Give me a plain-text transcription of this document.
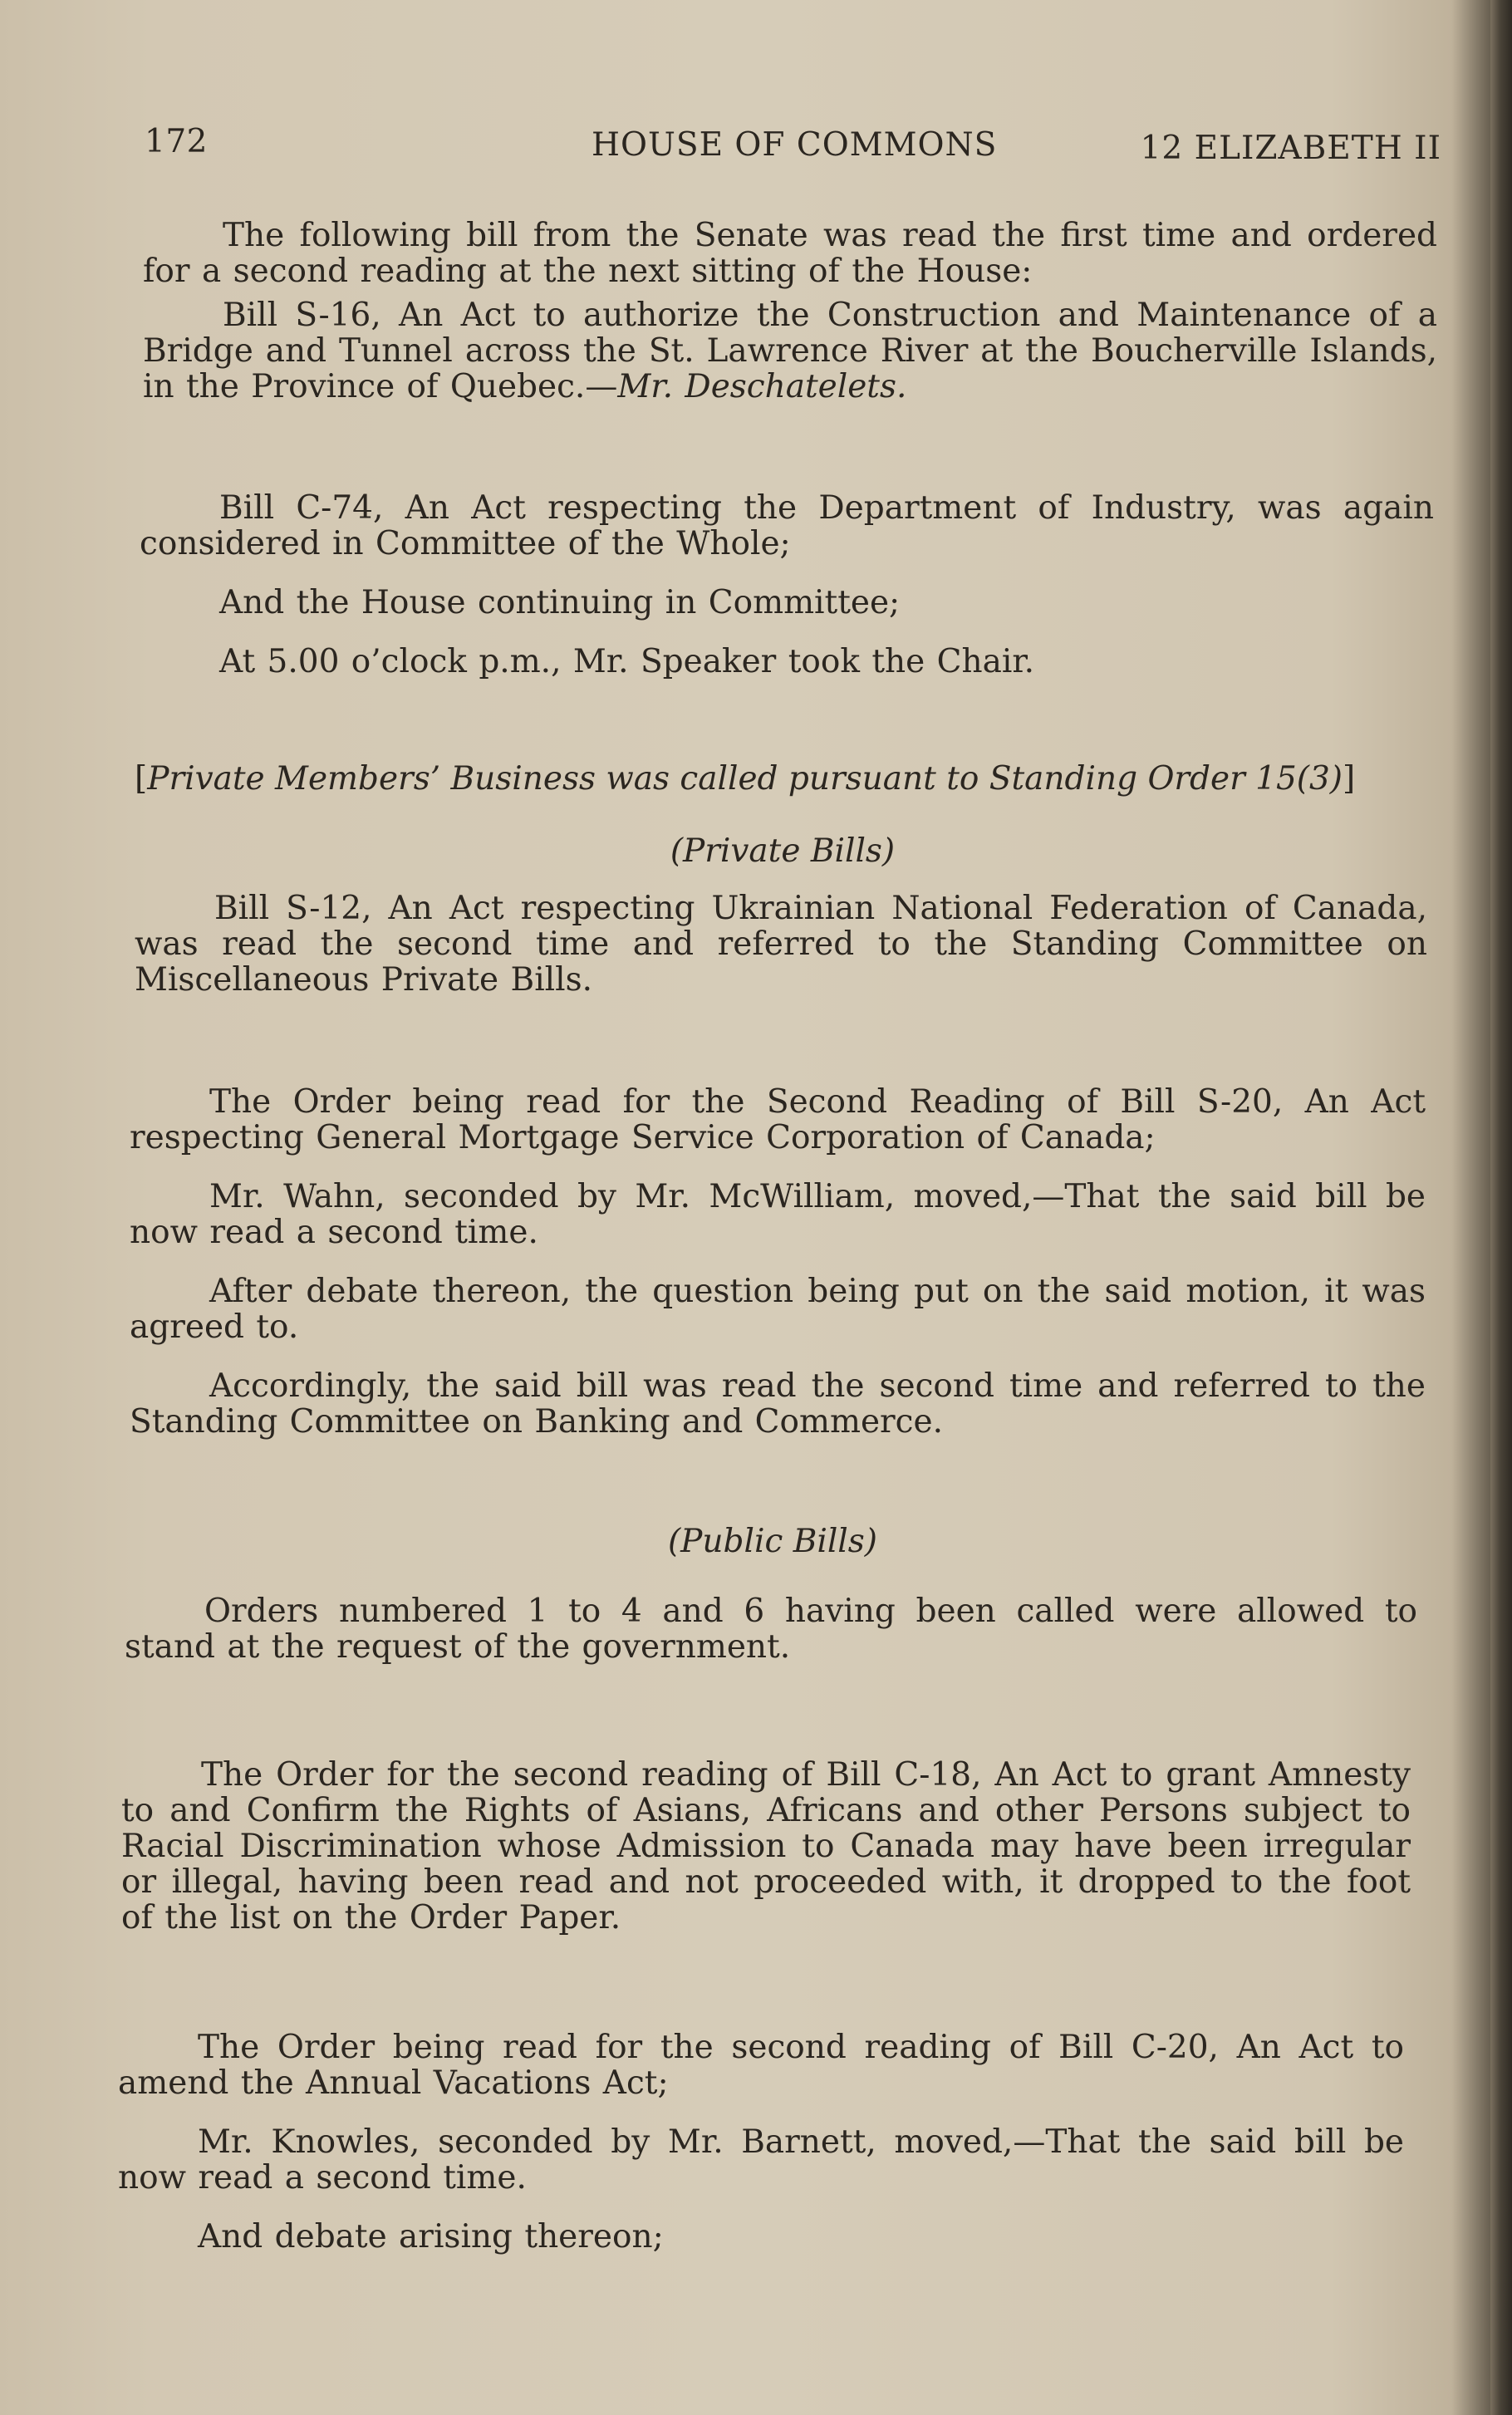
172	HOUSE OF COMMONS	12 ELIZABETH II

The following bill from the Senate was read the first time and ordered for a second reading at the next sitting of the House:

Bill S-16, An Act to authorize the Construction and Maintenance of a Bridge and Tunnel across the St. Lawrence River at the Boucherville Islands, in the Province of Quebec.—Mr. Deschatelets.

Bill C-74, An Act respecting the Department of Industry, was again considered in Committee of the Whole;

And the House continuing in Committee;

At 5.00 o’clock p.m., Mr. Speaker took the Chair.

[Private Members’ Business was called pursuant to Standing Order 15(3)]
(Private Bills)

Bill S-12, An Act respecting Ukrainian National Federation of Canada, was read the second time and referred to the Standing Committee on Miscellaneous Private Bills.

The Order being read for the Second Reading of Bill S-20, An Act respecting General Mortgage Service Corporation of Canada;

Mr. Wahn, seconded by Mr. McWilliam, moved,—That the said bill be now read a second time.

After debate thereon, the question being put on the said motion, it was agreed to.

Accordingly, the said bill was read the second time and referred to the Standing Committee on Banking and Commerce.

(Public Bills)

Orders numbered 1 to 4 and 6 having been called were allowed to stand at the request of the government.

The Order for the second reading of Bill C-18, An Act to grant Amnesty to and Confirm the Rights of Asians, Africans and other Persons subject to Racial Discrimination whose Admission to Canada may have been irregular or illegal, having been read and not proceeded with, it dropped to the foot of the list on the Order Paper.

The Order being read for the second reading of Bill C-20, An Act to amend the Annual Vacations Act;

Mr. Knowles, seconded by Mr. Barnett, moved,—That the said bill be now read a second time.

And debate arising thereon;
